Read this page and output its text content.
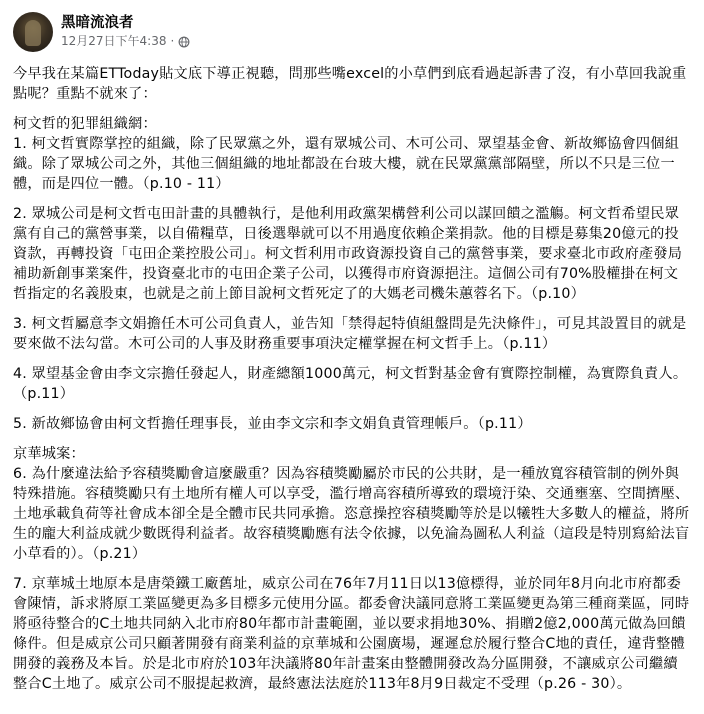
黑暗流浪者
12月27日下午4:38 ·

今早我在某篇ETToday貼文底下導正視聽，問那些嘴excel的小草們到底看過起訴書了沒，有小草回我說重點呢？重點不就來了：

柯文哲的犯罪組織網：

1. 柯文哲實際掌控的組織，除了民眾黨之外，還有眾城公司、木可公司、眾望基金會、新故鄉協會四個組織。除了眾城公司之外，其他三個組織的地址都設在台玻大樓，就在民眾黨黨部隔壁，所以不只是三位一體，而是四位一體。（p.10 - 11）

2. 眾城公司是柯文哲屯田計畫的具體執行，是他利用政黨架構營利公司以謀回饋之濫觴。柯文哲希望民眾黨有自己的黨營事業，以自備糧草，日後選舉就可以不用過度依賴企業捐款。他的目標是募集20億元的投資款，再轉投資「屯田企業控股公司」。柯文哲利用市政資源投資自己的黨營事業，要求臺北市政府產發局補助新創事業案件，投資臺北市的屯田企業子公司，以獲得市府資源挹注。這個公司有70%股權掛在柯文哲指定的名義股東，也就是之前上節目說柯文哲死定了的大媽老司機朱蕙蓉名下。（p.10）

3. 柯文哲屬意李文娟擔任木可公司負責人，並告知「禁得起特偵組盤問是先決條件」，可見其設置目的就是要來做不法勾當。木可公司的人事及財務重要事項決定權掌握在柯文哲手上。（p.11）

4. 眾望基金會由李文宗擔任發起人，財產總額1000萬元，柯文哲對基金會有實際控制權，為實際負責人。（p.11）

5. 新故鄉協會由柯文哲擔任理事長，並由李文宗和李文娟負責管理帳戶。（p.11）

京華城案：

6. 為什麼違法給予容積獎勵會這麼嚴重？因為容積獎勵屬於市民的公共財，是一種放寬容積管制的例外與特殊措施。容積獎勵只有土地所有權人可以享受，濫行增高容積所導致的環境汙染、交通壅塞、空間擠壓、土地承載負荷等社會成本卻全是全體市民共同承擔。恣意操控容積獎勵等於是以犧牲大多數人的權益，將所生的龐大利益成就少數既得利益者。故容積獎勵應有法令依據，以免淪為圖私人利益（這段是特別寫給法盲小草看的）。（p.21）

7. 京華城土地原本是唐榮鐵工廠舊址，威京公司在76年7月11日以13億標得，並於同年8月向北市府都委會陳情，訴求將原工業區變更為多目標多元使用分區。都委會決議同意將工業區變更為第三種商業區，同時將亟待整合的C土地共同納入北市府80年都市計畫範圍，並以要求捐地30%、捐贈2億2,000萬元做為回饋條件。但是威京公司只顧著開發有商業利益的京華城和公園廣場，遲遲怠於履行整合C地的責任，違背整體開發的義務及本旨。於是北市府於103年決議將80年計畫案由整體開發改為分區開發，不讓威京公司繼續整合C土地了。威京公司不服提起救濟，最終憲法法庭於113年8月9日裁定不受理（p.26 - 30）。
